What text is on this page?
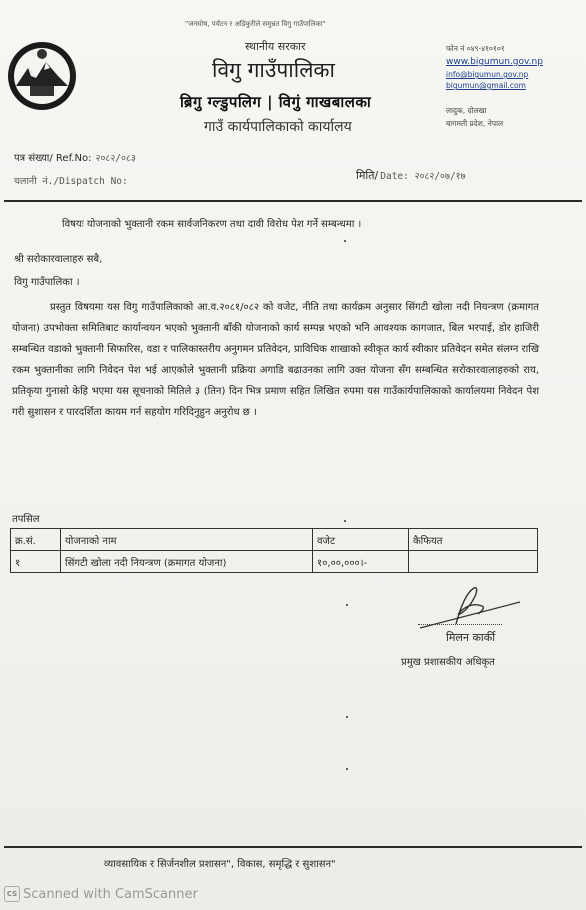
"जनघोष, पर्यटन र अडिकुरीले समुन्नत विगु गाउँपालिका"
स्थानीय सरकार
विगु गाउँपालिका
ब्रिगु ग्ल्डुपलिग | विगुं गाखबालका
गाउँ कार्यपालिकाको कार्यालय
फोन नं ०४९-४१०१०१
www.bigumun.gov.np
info@bigumun.gov.np
bigumun@gmail.com
लादुक, दोलखा
बागमती प्रदेश, नेपाल
पत्र संख्या/ Ref.No: २०८२/०८३
चलानी नं./Dispatch No:	मिति/ Date: २०८२/०७/१७
विषयः योजनाको भुक्तानी रकम सार्वजनिकरण तथा दावी विरोध पेश गर्ने सम्बन्धमा ।
श्री सरोकारवालाहरु सबै,
विगु गाउँपालिका ।
प्रस्तुत विषयमा यस विगु गाउँपालिकाको आ.व.२०८१/०८२ को वजेट, नीति तथा कार्यक्रम अनुसार सिंगटी खोला नदी नियन्त्रण (क्रमागत योजना) उपभोक्ता समितिबाट कार्यान्वयन भएको भुक्तानी बाँकी योजनाको कार्य सम्पन्न भएको भनि आवश्यक कागजात, बिल भरपाई, डोर हाजिरी सम्बन्धित वडाको भुक्तानी सिफारिस, वडा र पालिकास्तरीय अनुगमन प्रतिवेदन, प्राविधिक शाखाको स्वीकृत कार्य स्वीकार प्रतिवेदन समेत संलग्न राखि रकम भुक्तानीका लागि निवेदन पेश भई आएकोले भुक्तानी प्रक्रिया अगाडि बढाउनका लागि उक्त योजना सँग सम्बन्धित सरोकारवालाहरुको राय, प्रतिकृया गुनासो केहि भएमा यस सूचनाको मितिले ३ (तिन) दिन भित्र प्रमाण सहित लिखित रुपमा यस गाउँकार्यपालिकाको कार्यालयमा निवेदन पेश गरी सुशासन र पारदर्शिता कायम गर्न सहयोग गरिदिनुहुन अनुरोध छ ।
तपसिल
क्र.सं.	योजनाको नाम	वजेट	कैफियत
१	सिंगटी खोला नदी नियन्त्रण (क्रमागत योजना)	१०,००,०००।-	
मिलन कार्की
प्रमुख प्रशासकीय अधिकृत
व्यावसायिक र सिर्जनशील प्रशासन", विकास, समृद्धि र सुशासन"
CS Scanned with CamScanner
